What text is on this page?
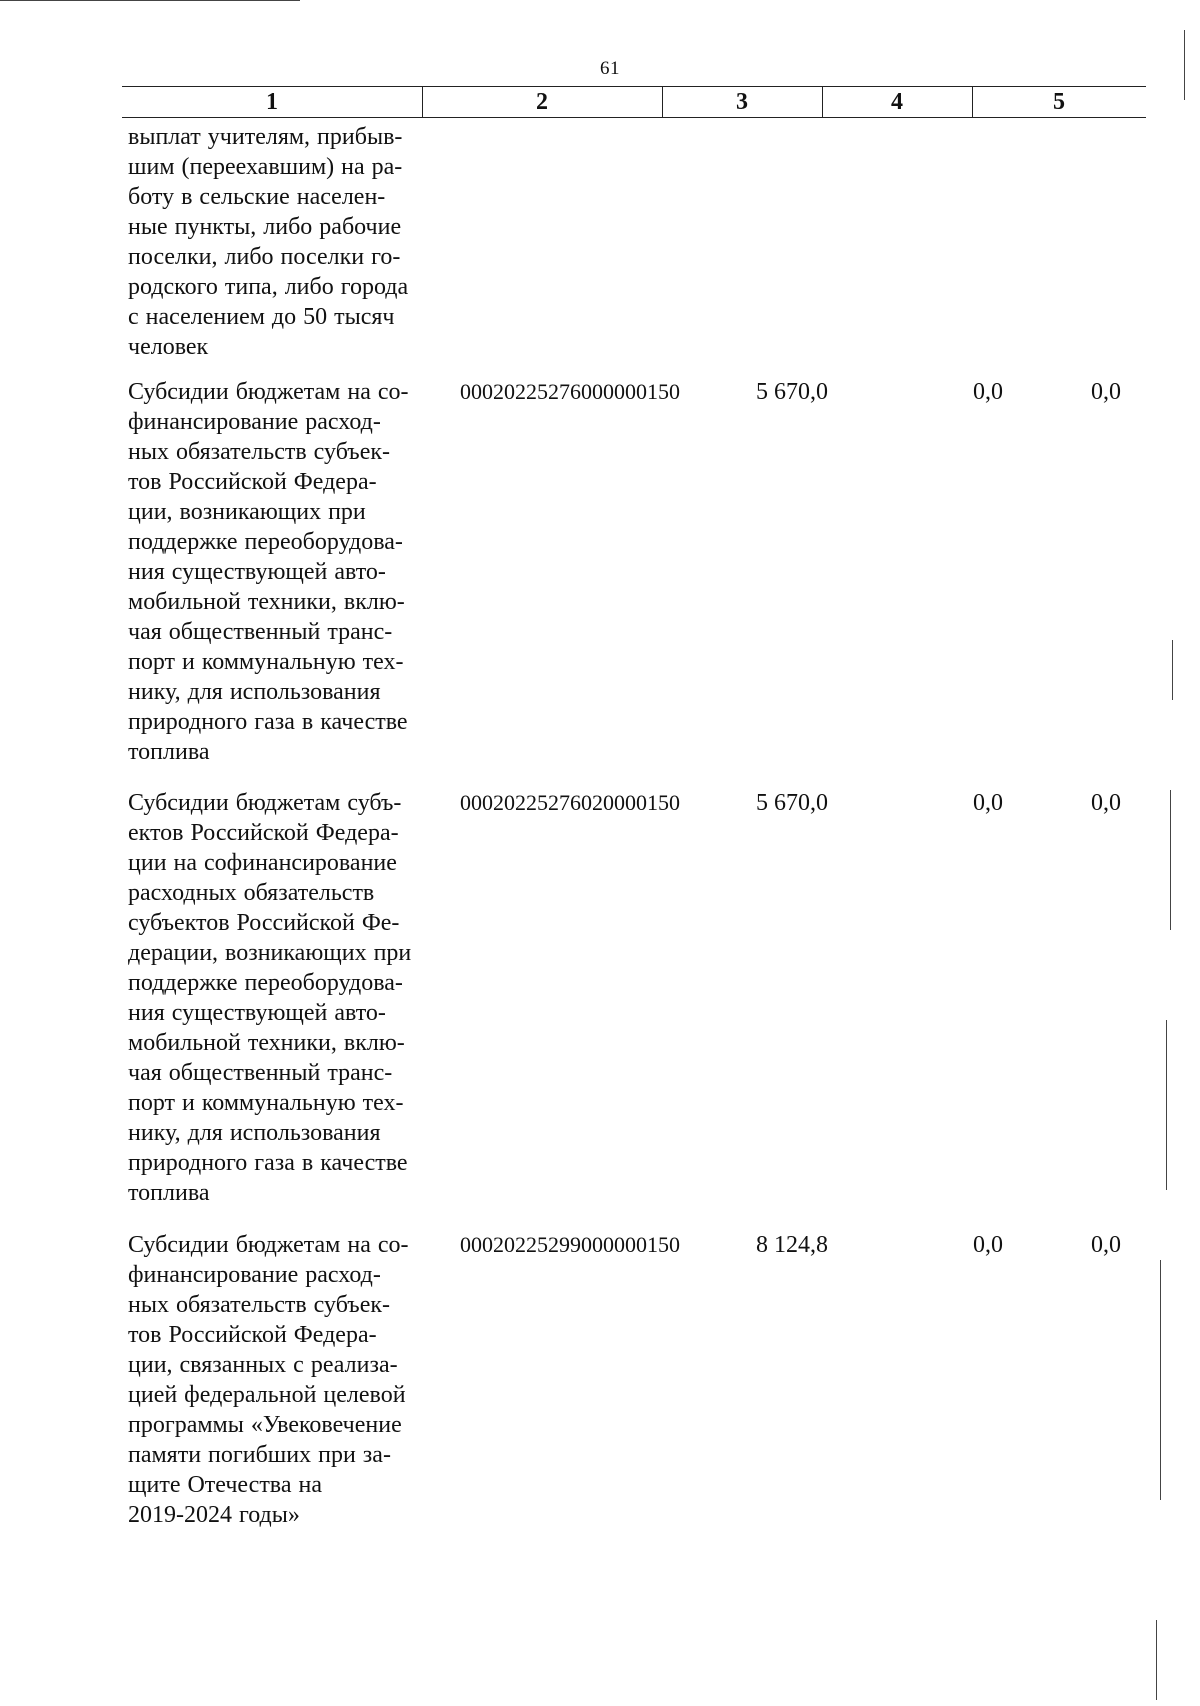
61
1	2	3	4	5
выплат учителям, прибыв-
шим (переехавшим) на ра-
боту в сельские населен-
ные пункты, либо рабочие
поселки, либо поселки го-
родского типа, либо города
с населением до 50 тысяч
человек
Субсидии бюджетам на со-
финансирование расход-
ных обязательств субъек-
тов Российской Федера-
ции, возникающих при
поддержке переоборудова-
ния существующей авто-
мобильной техники, вклю-
чая общественный транс-
порт и коммунальную тех-
нику, для использования
природного газа в качестве
топлива
00020225276000000150	5 670,0	0,0	0,0
Субсидии бюджетам субъ-
ектов Российской Федера-
ции на софинансирование
расходных обязательств
субъектов Российской Фе-
дерации, возникающих при
поддержке переоборудова-
ния существующей авто-
мобильной техники, вклю-
чая общественный транс-
порт и коммунальную тех-
нику, для использования
природного газа в качестве
топлива
00020225276020000150	5 670,0	0,0	0,0
Субсидии бюджетам на со-
финансирование расход-
ных обязательств субъек-
тов Российской Федера-
ции, связанных с реализа-
цией федеральной целевой
программы «Увековечение
памяти погибших при за-
щите Отечества на
2019-2024 годы»
00020225299000000150	8 124,8	0,0	0,0
